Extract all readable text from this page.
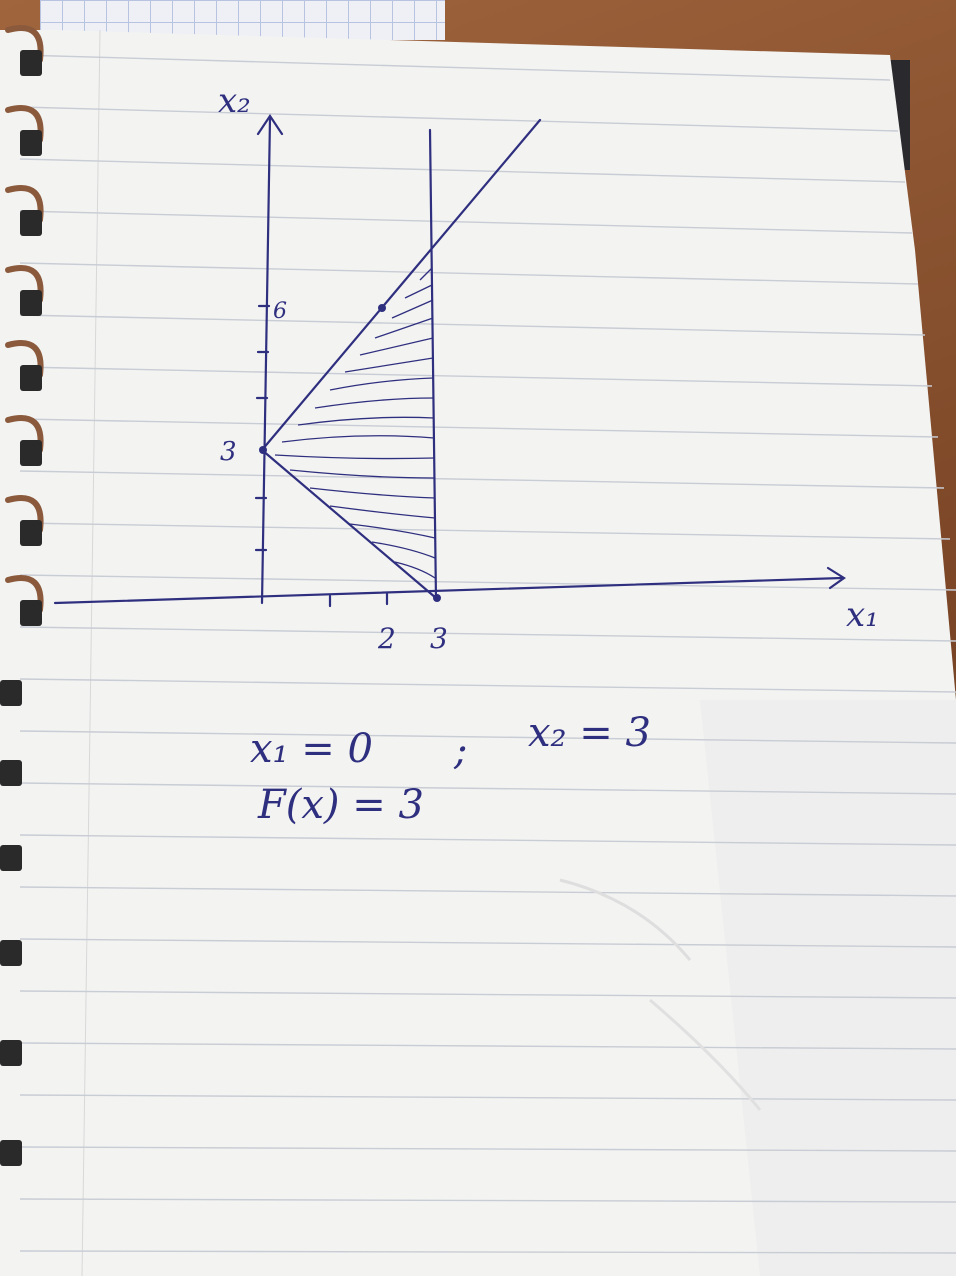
x₂
x₁
6
3
2 3
x₁ = 0 ; x₂ = 3
F(x) = 3
